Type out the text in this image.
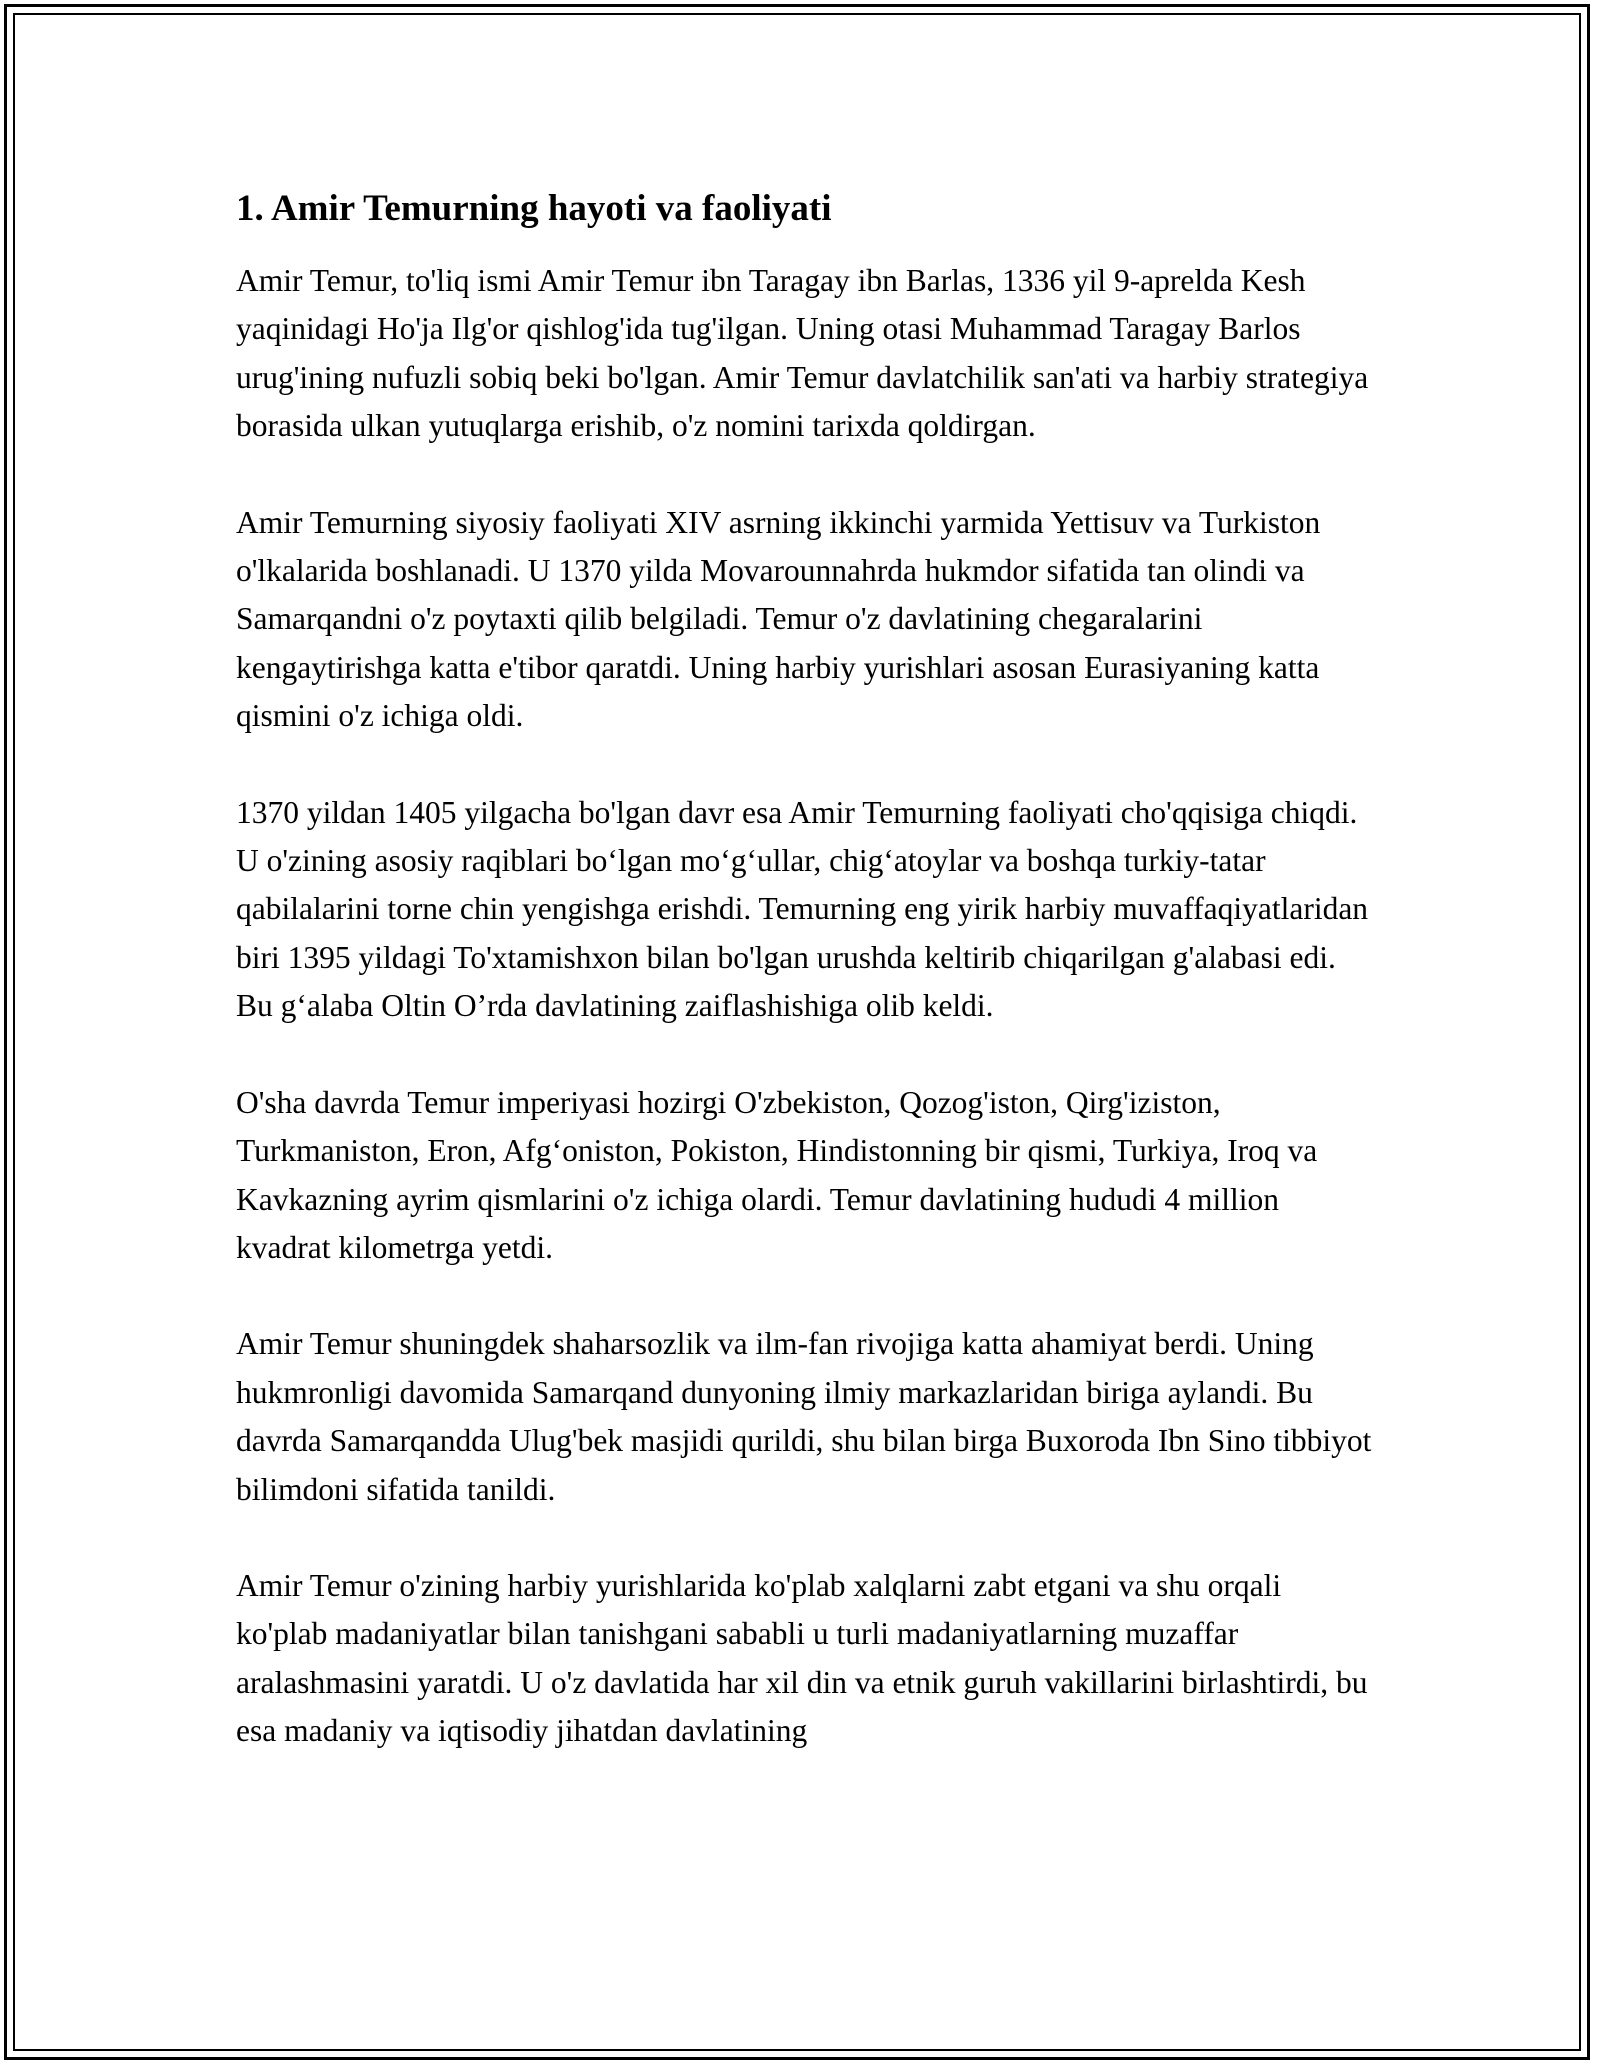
1. Amir Temurning hayoti va faoliyati

Amir Temur, to'liq ismi Amir Temur ibn Taragay ibn Barlas, 1336 yil 9-aprelda Kesh yaqinidagi Ho'ja Ilg'or qishlog'ida tug'ilgan. Uning otasi Muhammad Taragay Barlos urug'ining nufuzli sobiq beki bo'lgan. Amir Temur davlatchilik san'ati va harbiy strategiya borasida ulkan yutuqlarga erishib, o'z nomini tarixda qoldirgan.

Amir Temurning siyosiy faoliyati XIV asrning ikkinchi yarmida Yettisuv va Turkiston o'lkalarida boshlanadi. U 1370 yilda Movarounnahrda hukmdor sifatida tan olindi va Samarqandni o'z poytaxti qilib belgiladi. Temur o'z davlatining chegaralarini kengaytirishga katta e'tibor qaratdi. Uning harbiy yurishlari asosan Eurasiyaning katta qismini o'z ichiga oldi.

1370 yildan 1405 yilgacha bo'lgan davr esa Amir Temurning faoliyati cho'qqisiga chiqdi. U o'zining asosiy raqiblari bo‘lgan mo‘g‘ullar, chig‘atoylar va boshqa turkiy-tatar qabilalarini torne chin yengishga erishdi. Temurning eng yirik harbiy muvaffaqiyatlaridan biri 1395 yildagi To'xtamishxon bilan bo'lgan urushda keltirib chiqarilgan g'alabasi edi. Bu g‘alaba Oltin O’rda davlatining zaiflashishiga olib keldi.

O'sha davrda Temur imperiyasi hozirgi O'zbekiston, Qozog'iston, Qirg'iziston, Turkmaniston, Eron, Afg‘oniston, Pokiston, Hindistonning bir qismi, Turkiya, Iroq va Kavkazning ayrim qismlarini o'z ichiga olardi. Temur davlatining hududi 4 million kvadrat kilometrga yetdi.

Amir Temur shuningdek shaharsozlik va ilm-fan rivojiga katta ahamiyat berdi. Uning hukmronligi davomida Samarqand dunyoning ilmiy markazlaridan biriga aylandi. Bu davrda Samarqandda Ulug'bek masjidi qurildi, shu bilan birga Buxoroda Ibn Sino tibbiyot bilimdoni sifatida tanildi.

Amir Temur o'zining harbiy yurishlarida ko'plab xalqlarni zabt etgani va shu orqali ko'plab madaniyatlar bilan tanishgani sababli u turli madaniyatlarning muzaffar aralashmasini yaratdi. U o'z davlatida har xil din va etnik guruh vakillarini birlashtirdi, bu esa madaniy va iqtisodiy jihatdan davlatining
